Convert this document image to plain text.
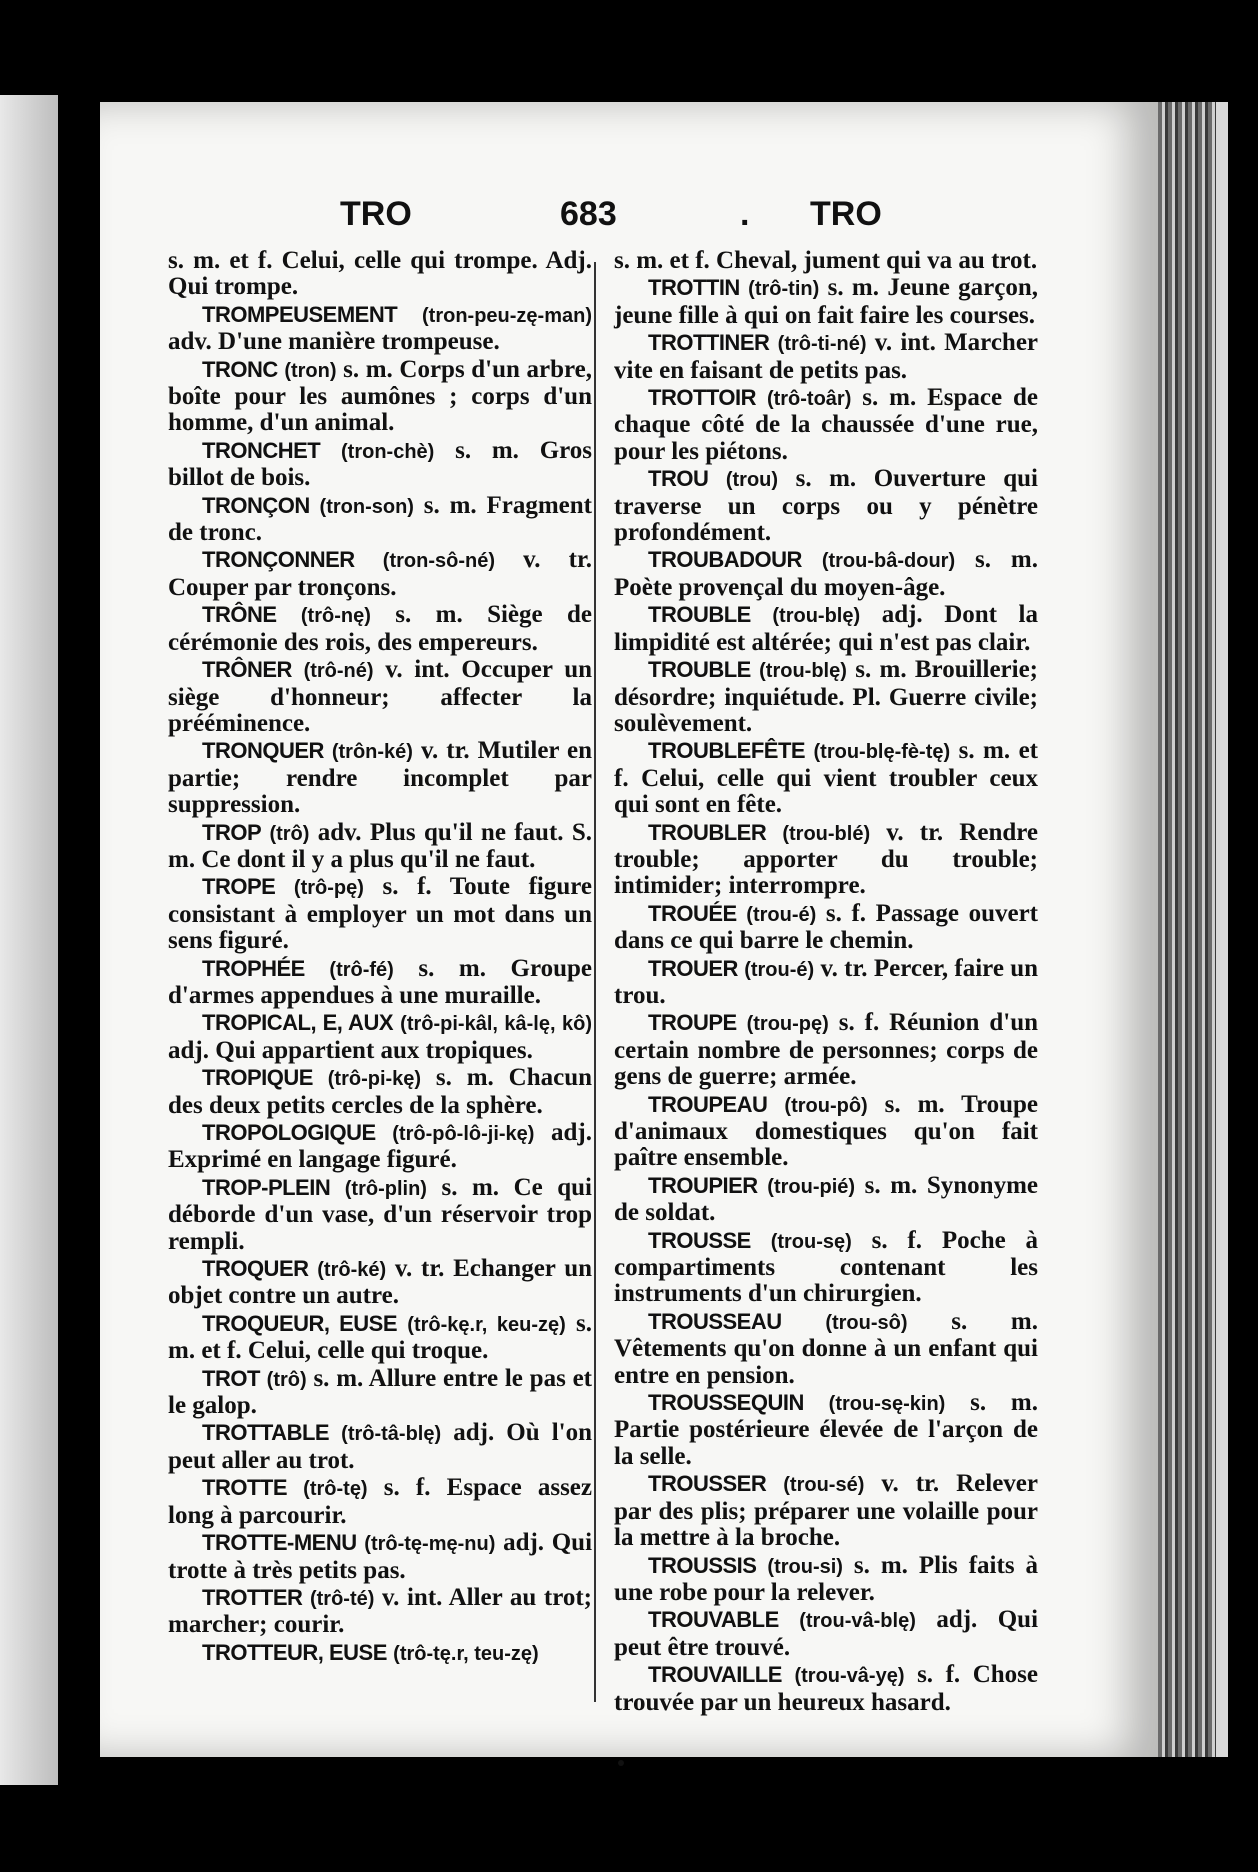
TRO	683	. TRO

s. m. et f. Celui, celle qui trompe. Adj. Qui trompe.

TROMPEUSEMENT (tron-peu-zę-man) adv. D'une manière trompeuse.

TRONC (tron) s. m. Corps d'un arbre, boîte pour les aumônes ; corps d'un homme, d'un animal.

TRONCHET (tron-chè) s. m. Gros billot de bois.

TRONÇON (tron-son) s. m. Fragment de tronc.

TRONÇONNER (tron-sô-né) v. tr. Couper par tronçons.

TRÔNE (trô-nę) s. m. Siège de cérémonie des rois, des empereurs.

TRÔNER (trô-né) v. int. Occuper un siège d'honneur; affecter la prééminence.

TRONQUER (trôn-ké) v. tr. Mutiler en partie; rendre incomplet par suppression.

TROP (trô) adv. Plus qu'il ne faut. S. m. Ce dont il y a plus qu'il ne faut.

TROPE (trô-pę) s. f. Toute figure consistant à employer un mot dans un sens figuré.

TROPHÉE (trô-fé) s. m. Groupe d'armes appendues à une muraille.

TROPICAL, E, AUX (trô-pi-kâl, kâ-lę, kô) adj. Qui appartient aux tropiques.

TROPIQUE (trô-pi-kę) s. m. Chacun des deux petits cercles de la sphère.

TROPOLOGIQUE (trô-pô-lô-ji-kę) adj. Exprimé en langage figuré.

TROP-PLEIN (trô-plin) s. m. Ce qui déborde d'un vase, d'un réservoir trop rempli.

TROQUER (trô-ké) v. tr. Echanger un objet contre un autre.

TROQUEUR, EUSE (trô-kę.r, keu-zę) s. m. et f. Celui, celle qui troque.

TROT (trô) s. m. Allure entre le pas et le galop.

TROTTABLE (trô-tâ-blę) adj. Où l'on peut aller au trot.

TROTTE (trô-tę) s. f. Espace assez long à parcourir.

TROTTE-MENU (trô-tę-mę-nu) adj. Qui trotte à très petits pas.

TROTTER (trô-té) v. int. Aller au trot; marcher; courir.

TROTTEUR, EUSE (trô-tę.r, teu-zę)

s. m. et f. Cheval, jument qui va au trot.

TROTTIN (trô-tin) s. m. Jeune garçon, jeune fille à qui on fait faire les courses.

TROTTINER (trô-ti-né) v. int. Marcher vite en faisant de petits pas.

TROTTOIR (trô-toâr) s. m. Espace de chaque côté de la chaussée d'une rue, pour les piétons.

TROU (trou) s. m. Ouverture qui traverse un corps ou y pénètre profondément.

TROUBADOUR (trou-bâ-dour) s. m. Poète provençal du moyen-âge.

TROUBLE (trou-blę) adj. Dont la limpidité est altérée; qui n'est pas clair.

TROUBLE (trou-blę) s. m. Brouillerie; désordre; inquiétude. Pl. Guerre civile; soulèvement.

TROUBLEFÊTE (trou-blę-fè-tę) s. m. et f. Celui, celle qui vient troubler ceux qui sont en fête.

TROUBLER (trou-blé) v. tr. Rendre trouble; apporter du trouble; intimider; interrompre.

TROUÉE (trou-é) s. f. Passage ouvert dans ce qui barre le chemin.

TROUER (trou-é) v. tr. Percer, faire un trou.

TROUPE (trou-pę) s. f. Réunion d'un certain nombre de personnes; corps de gens de guerre; armée.

TROUPEAU (trou-pô) s. m. Troupe d'animaux domestiques qu'on fait paître ensemble.

TROUPIER (trou-pié) s. m. Synonyme de soldat.

TROUSSE (trou-sę) s. f. Poche à compartiments contenant les instruments d'un chirurgien.

TROUSSEAU (trou-sô) s. m. Vêtements qu'on donne à un enfant qui entre en pension.

TROUSSEQUIN (trou-sę-kin) s. m. Partie postérieure élevée de l'arçon de la selle.

TROUSSER (trou-sé) v. tr. Relever par des plis; préparer une volaille pour la mettre à la broche.

TROUSSIS (trou-si) s. m. Plis faits à une robe pour la relever.

TROUVABLE (trou-vâ-blę) adj. Qui peut être trouvé.

TROUVAILLE (trou-vâ-yę) s. f. Chose trouvée par un heureux hasard.
